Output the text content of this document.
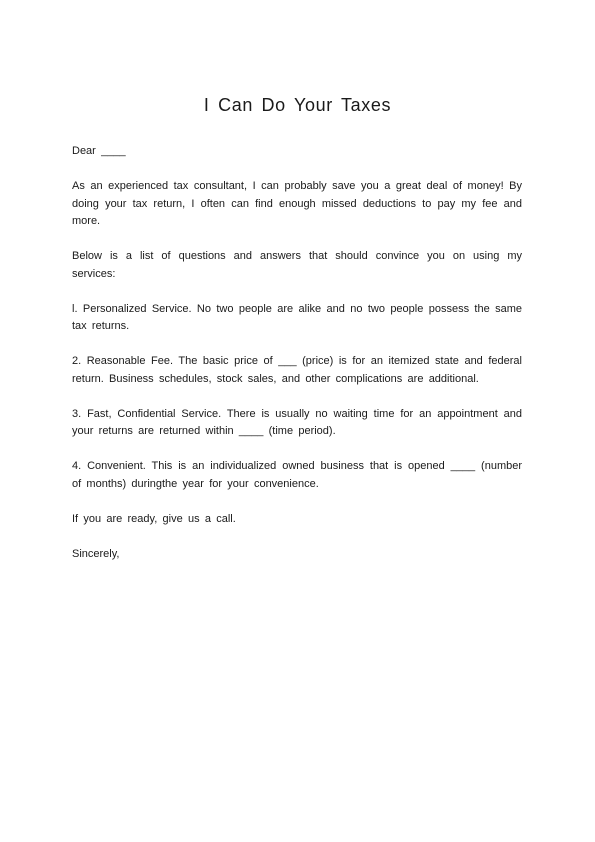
I Can Do Your Taxes

Dear ____

As an experienced tax consultant, I can probably save you a great deal of money! By doing your tax return, I often can find enough missed deductions to pay my fee and more.

Below is a list of questions and answers that should convince you on using my services:

l. Personalized Service. No two people are alike and no two people possess the same tax returns.

2. Reasonable Fee. The basic price of ___ (price) is for an itemized state and federal return. Business schedules, stock sales, and other complications are additional.

3. Fast, Confidential Service. There is usually no waiting time for an appointment and your returns are returned within ____ (time period).

4. Convenient. This is an individualized owned business that is opened ____ (number of months) duringthe year for your convenience.

If you are ready, give us a call.

Sincerely,
